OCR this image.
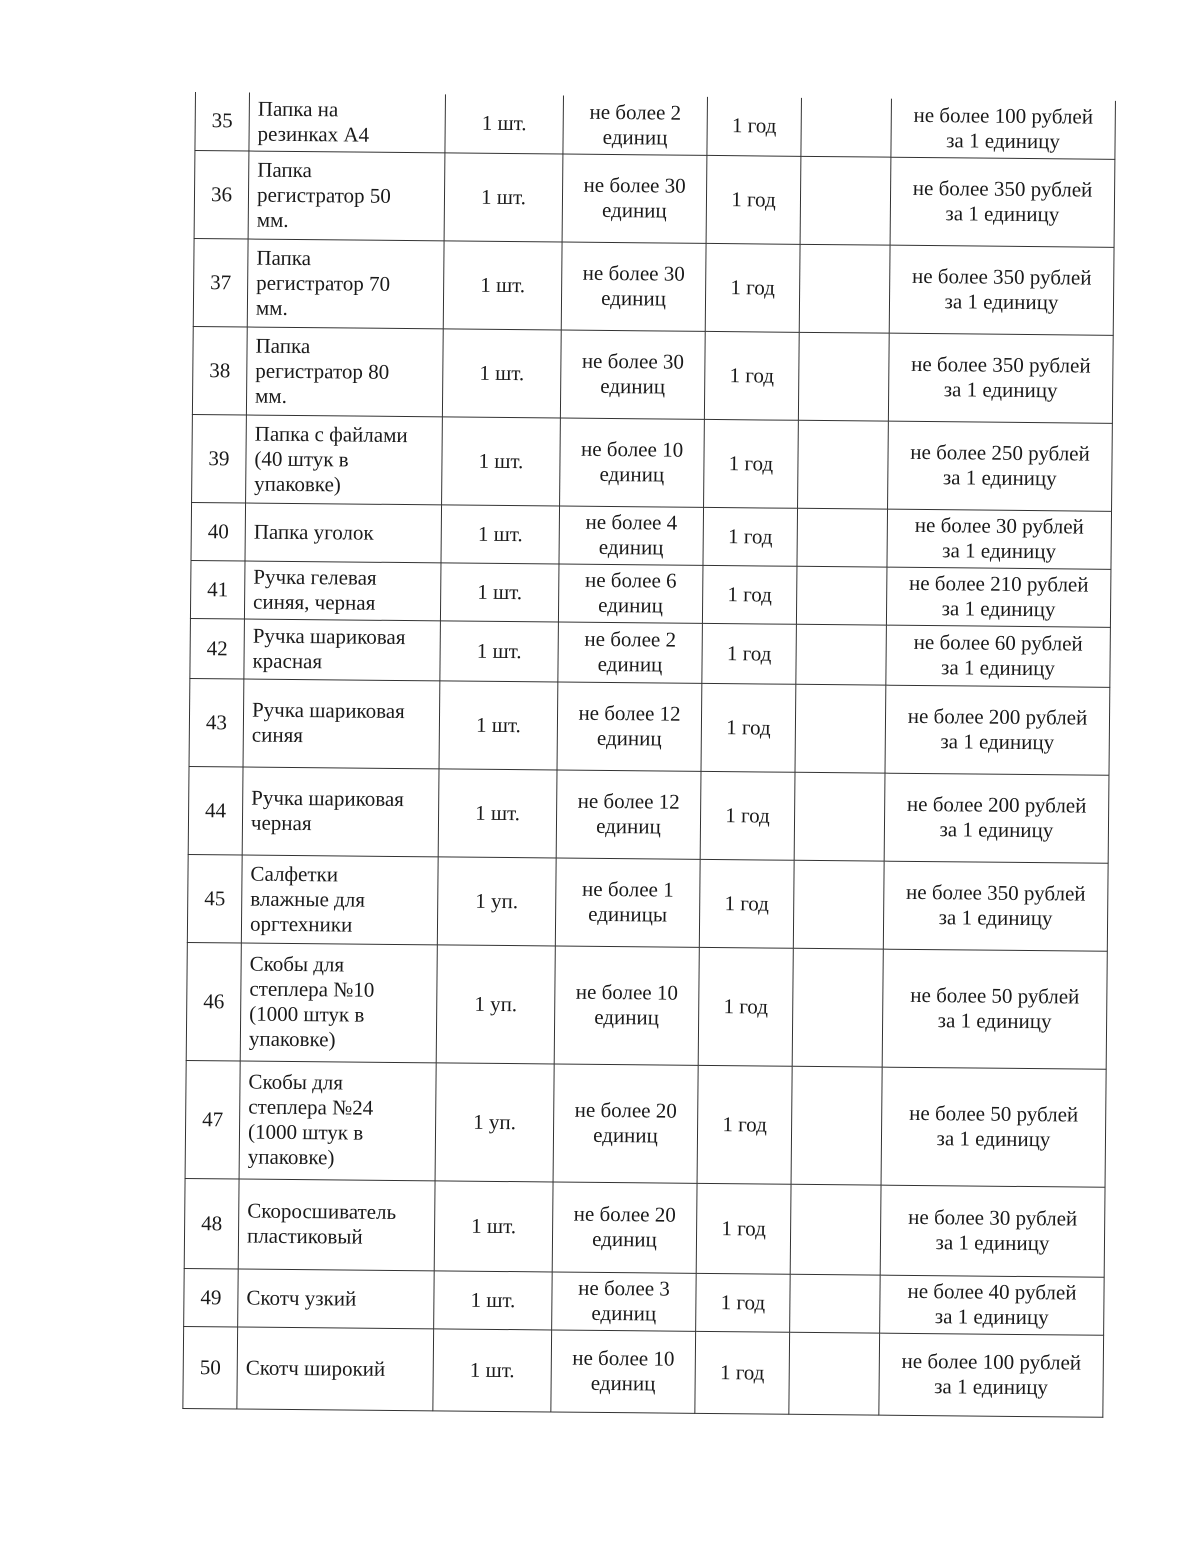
35	Папка на
резинках А4	1 шт.	не более 2
единиц	1 год		не более 100 рублей
за 1 единицу

36	Папка
регистратор 50
мм.	1 шт.	не более 30
единиц	1 год		не более 350 рублей
за 1 единицу

37	Папка
регистратор 70
мм.	1 шт.	не более 30
единиц	1 год		не более 350 рублей
за 1 единицу

38	Папка
регистратор 80
мм.	1 шт.	не более 30
единиц	1 год		не более 350 рублей
за 1 единицу

39	Папка с файлами
(40 штук в
упаковке)	1 шт.	не более 10
единиц	1 год		не более 250 рублей
за 1 единицу

40	Папка уголок	1 шт.	не более 4
единиц	1 год		не более 30 рублей
за 1 единицу

41	Ручка гелевая
синяя, черная	1 шт.	не более 6
единиц	1 год		не более 210 рублей
за 1 единицу

42	Ручка шариковая
красная	1 шт.	не более 2
единиц	1 год		не более 60 рублей
за 1 единицу

43	Ручка шариковая
синяя	1 шт.	не более 12
единиц	1 год		не более 200 рублей
за 1 единицу

44	Ручка шариковая
черная	1 шт.	не более 12
единиц	1 год		не более 200 рублей
за 1 единицу

45	Салфетки
влажные для
оргтехники	1 уп.	не более 1
единицы	1 год		не более 350 рублей
за 1 единицу

46	Скобы для
степлера №10
(1000 штук в
упаковке)	1 уп.	не более 10
единиц	1 год		не более 50 рублей
за 1 единицу

47	Скобы для
степлера №24
(1000 штук в
упаковке)	1 уп.	не более 20
единиц	1 год		не более 50 рублей
за 1 единицу

48	Скоросшиватель
пластиковый	1 шт.	не более 20
единиц	1 год		не более 30 рублей
за 1 единицу

49	Скотч узкий	1 шт.	не более 3
единиц	1 год		не более 40 рублей
за 1 единицу

50	Скотч широкий	1 шт.	не более 10
единиц	1 год		не более 100 рублей
за 1 единицу
